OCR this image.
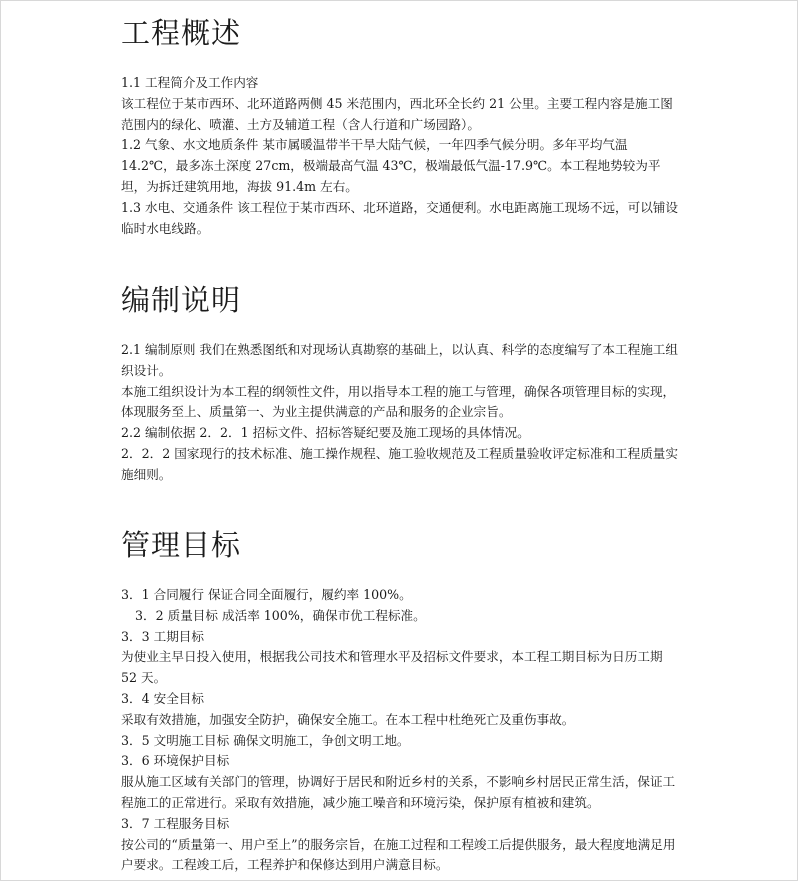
工程概述

1.1 工程简介及工作内容

该工程位于某市西环、北环道路两侧 45 米范围内，西北环全长约 21 公里。主要工程内容是施工图范围内的绿化、喷灌、土方及辅道工程（含人行道和广场园路）。

1.2 气象、水文地质条件 某市属暖温带半干旱大陆气候，一年四季气候分明。多年平均气温 14.2℃，最多冻土深度 27cm，极端最高气温 43℃，极端最低气温-17.9℃。本工程地势较为平坦，为拆迁建筑用地，海拔 91.4m 左右。

1.3 水电、交通条件 该工程位于某市西环、北环道路，交通便利。水电距离施工现场不远，可以铺设临时水电线路。

编制说明

2.1 编制原则 我们在熟悉图纸和对现场认真勘察的基础上，以认真、科学的态度编写了本工程施工组织设计。

本施工组织设计为本工程的纲领性文件，用以指导本工程的施工与管理，确保各项管理目标的实现，体现服务至上、质量第一、为业主提供满意的产品和服务的企业宗旨。

2.2 编制依据 2．2．1 招标文件、招标答疑纪要及施工现场的具体情况。

2．2．2 国家现行的技术标准、施工操作规程、施工验收规范及工程质量验收评定标准和工程质量实施细则。

管理目标

3．1 合同履行 保证合同全面履行，履约率 100%。

3．2 质量目标 成活率 100%，确保市优工程标准。

3．3 工期目标

为使业主早日投入使用，根据我公司技术和管理水平及招标文件要求，本工程工期目标为日历工期 52 天。

3．4 安全目标

采取有效措施，加强安全防护，确保安全施工。在本工程中杜绝死亡及重伤事故。

3．5 文明施工目标 确保文明施工，争创文明工地。

3．6 环境保护目标

服从施工区域有关部门的管理，协调好于居民和附近乡村的关系，不影响乡村居民正常生活，保证工程施工的正常进行。采取有效措施，减少施工噪音和环境污染，保护原有植被和建筑。

3．7 工程服务目标

按公司的“质量第一、用户至上”的服务宗旨，在施工过程和工程竣工后提供服务，最大程度地满足用户要求。工程竣工后，工程养护和保修达到用户满意目标。
